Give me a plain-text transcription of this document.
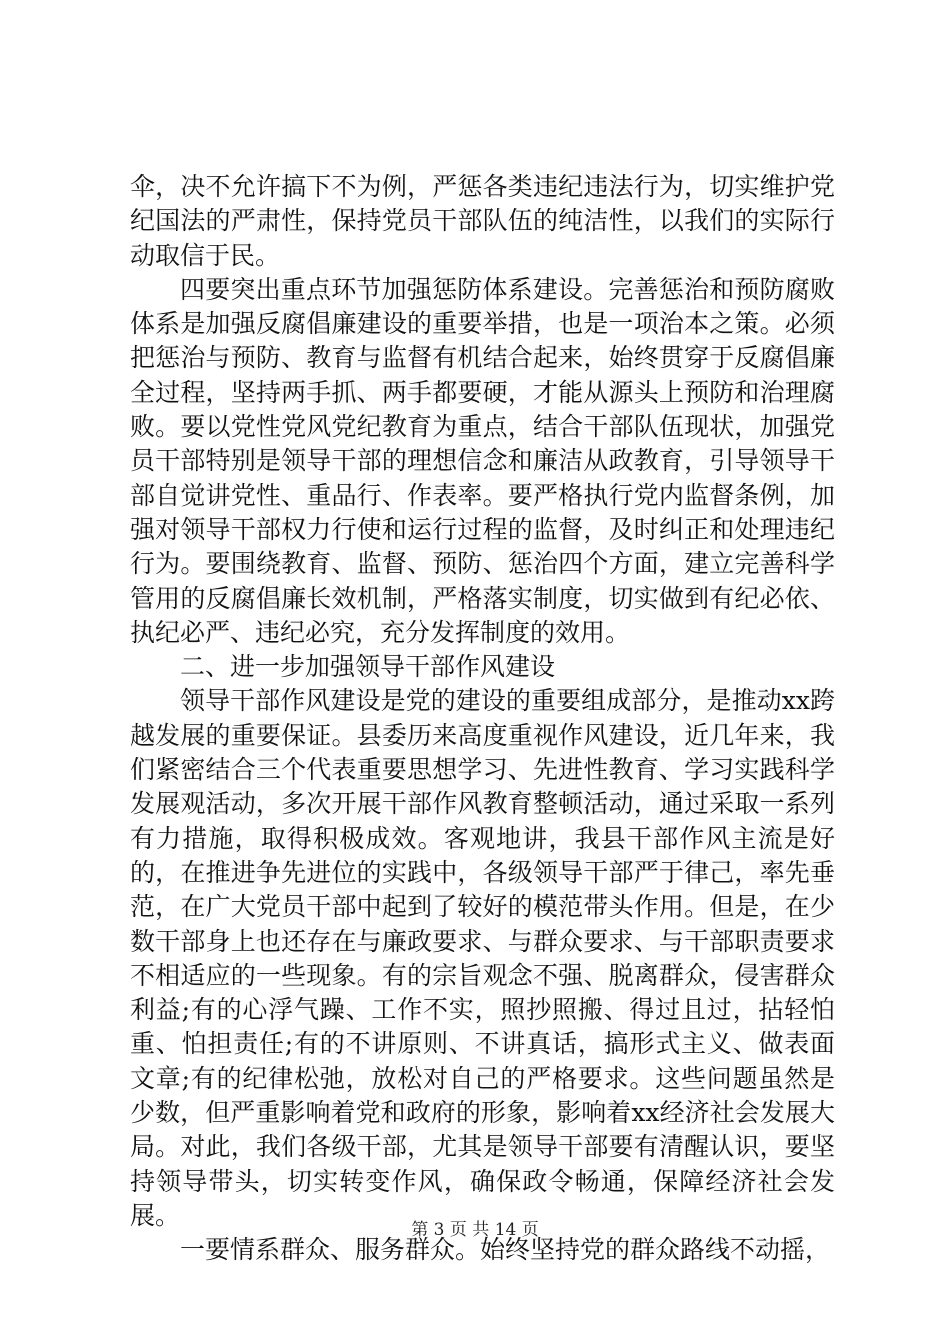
伞，决不允许搞下不为例，严惩各类违纪违法行为，切实维护党纪国法的严肃性，保持党员干部队伍的纯洁性，以我们的实际行动取信于民。

四要突出重点环节加强惩防体系建设。完善惩治和预防腐败体系是加强反腐倡廉建设的重要举措，也是一项治本之策。必须把惩治与预防、教育与监督有机结合起来，始终贯穿于反腐倡廉全过程，坚持两手抓、两手都要硬，才能从源头上预防和治理腐败。要以党性党风党纪教育为重点，结合干部队伍现状，加强党员干部特别是领导干部的理想信念和廉洁从政教育，引导领导干部自觉讲党性、重品行、作表率。要严格执行党内监督条例，加强对领导干部权力行使和运行过程的监督，及时纠正和处理违纪行为。要围绕教育、监督、预防、惩治四个方面，建立完善科学管用的反腐倡廉长效机制，严格落实制度，切实做到有纪必依、执纪必严、违纪必究，充分发挥制度的效用。

二、进一步加强领导干部作风建设

领导干部作风建设是党的建设的重要组成部分，是推动xx跨越发展的重要保证。县委历来高度重视作风建设，近几年来，我们紧密结合三个代表重要思想学习、先进性教育、学习实践科学发展观活动，多次开展干部作风教育整顿活动，通过采取一系列有力措施，取得积极成效。客观地讲，我县干部作风主流是好的，在推进争先进位的实践中，各级领导干部严于律己，率先垂范，在广大党员干部中起到了较好的模范带头作用。但是，在少数干部身上也还存在与廉政要求、与群众要求、与干部职责要求不相适应的一些现象。有的宗旨观念不强、脱离群众，侵害群众利益;有的心浮气躁、工作不实，照抄照搬、得过且过，拈轻怕重、怕担责任;有的不讲原则、不讲真话，搞形式主义、做表面文章;有的纪律松弛，放松对自己的严格要求。这些问题虽然是少数，但严重影响着党和政府的形象，影响着xx经济社会发展大局。对此，我们各级干部，尤其是领导干部要有清醒认识，要坚持领导带头，切实转变作风，确保政令畅通，保障经济社会发展。

一要情系群众、服务群众。始终坚持党的群众路线不动摇，

第 3 页 共 14 页
